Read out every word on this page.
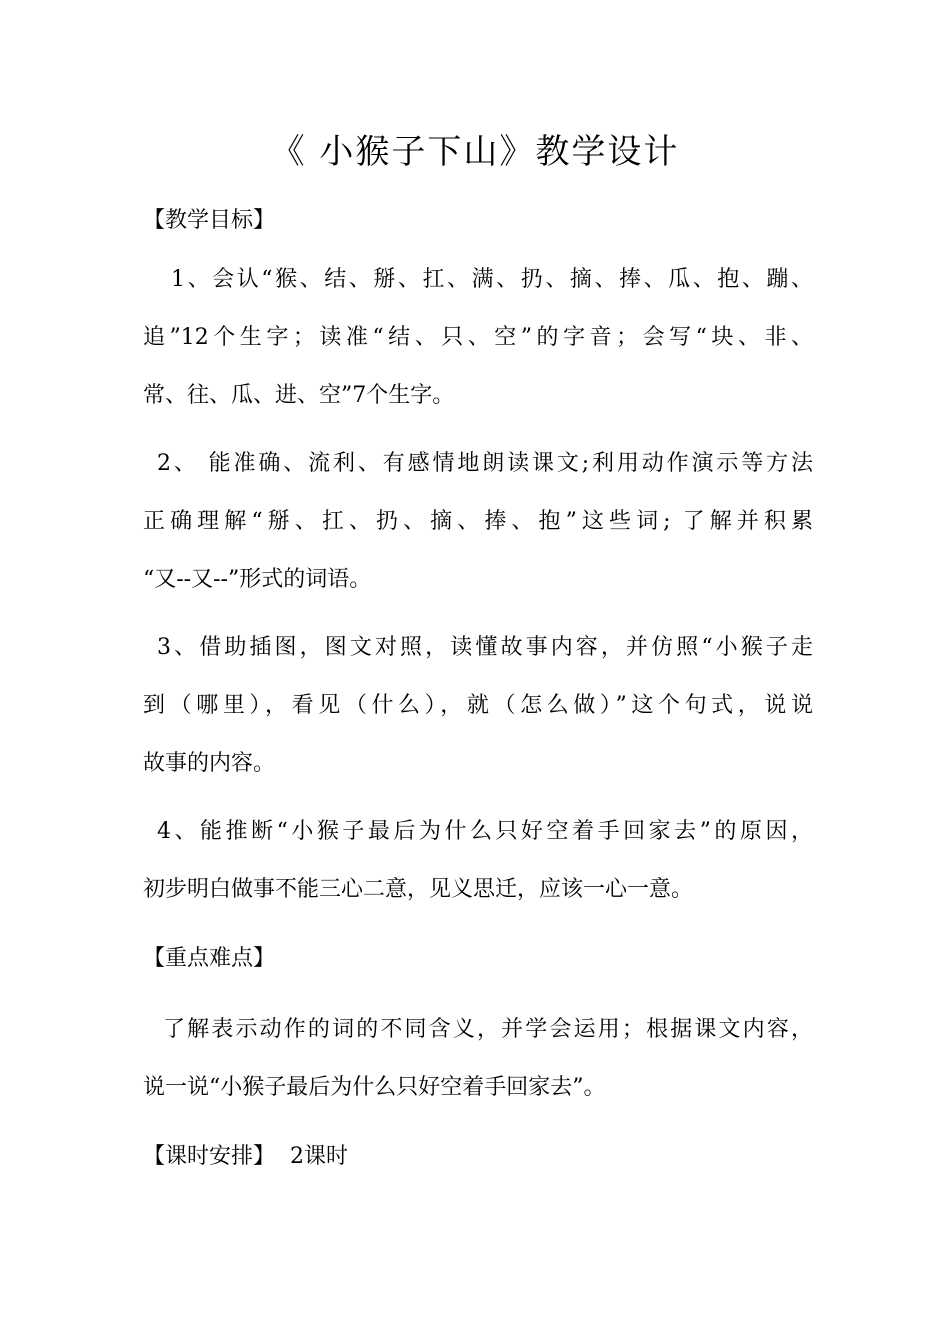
《 小猴子下山》教学设计
【教学目标】
1、会认“猴、结、掰、扛、满、扔、摘、捧、瓜、抱、蹦、
追”12个生字；读准“结、只、空”的字音；会写“块、非、
常、往、瓜、进、空”7个生字。
2、 能准确、流利、有感情地朗读课文;利用动作演示等方法
正确理解“掰、扛、扔、摘、捧、抱”这些词; 了解并积累
“又--又--”形式的词语。
3、借助插图，图文对照，读懂故事内容，并仿照“小猴子走
到（哪里），看见（什么），就（怎么做）”这个句式，说说
故事的内容。
4、能推断“小猴子最后为什么只好空着手回家去”的原因，
初步明白做事不能三心二意，见义思迁，应该一心一意。
【重点难点】
了解表示动作的词的不同含义，并学会运用；根据课文内容，
说一说“小猴子最后为什么只好空着手回家去”。
【课时安排】 2课时
